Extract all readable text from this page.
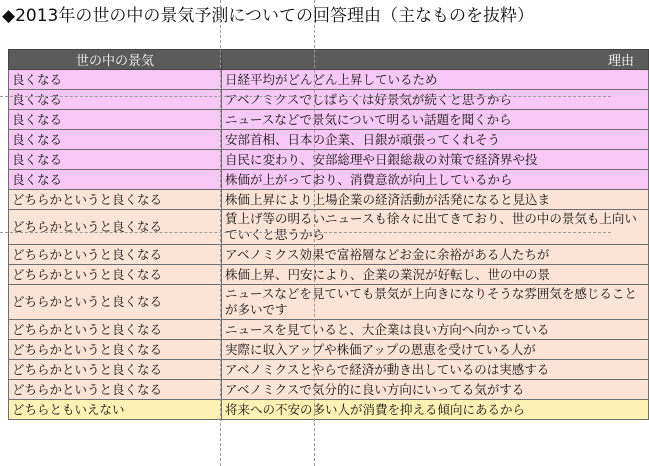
◆2013年の世の中の景気予測についての回答理由（主なものを抜粋）
世の中の景気	理由
良くなる	日経平均がどんどん上昇しているため
良くなる	アベノミクスでしばらくは好景気が続くと思うから
良くなる	ニュースなどで景気について明るい話題を聞くから
良くなる	安部首相、日本の企業、日銀が頑張ってくれそう
良くなる	自民に変わり、安部総理や日銀総裁の対策で経済界や投
良くなる	株価が上がっており、消費意欲が向上しているから
どちらかというと良くなる	株価上昇により上場企業の経済活動が活発になると見込ま
どちらかというと良くなる	賃上げ等の明るいニュースも徐々に出てきており、世の中の景気も上向いていくと思うから
どちらかというと良くなる	アベノミクス効果で富裕層などお金に余裕がある人たちが
どちらかというと良くなる	株価上昇、円安により、企業の業況が好転し、世の中の景
どちらかというと良くなる	ニュースなどを見ていても景気が上向きになりそうな雰囲気を感じることが多いです
どちらかというと良くなる	ニュースを見ていると、大企業は良い方向へ向かっている
どちらかというと良くなる	実際に収入アップや株価アップの恩恵を受けている人が
どちらかというと良くなる	アベノミクスとやらで経済が動き出しているのは実感する
どちらかというと良くなる	アベノミクスで気分的に良い方向にいってる気がする
どちらともいえない	将来への不安の多い人が消費を抑える傾向にあるから
